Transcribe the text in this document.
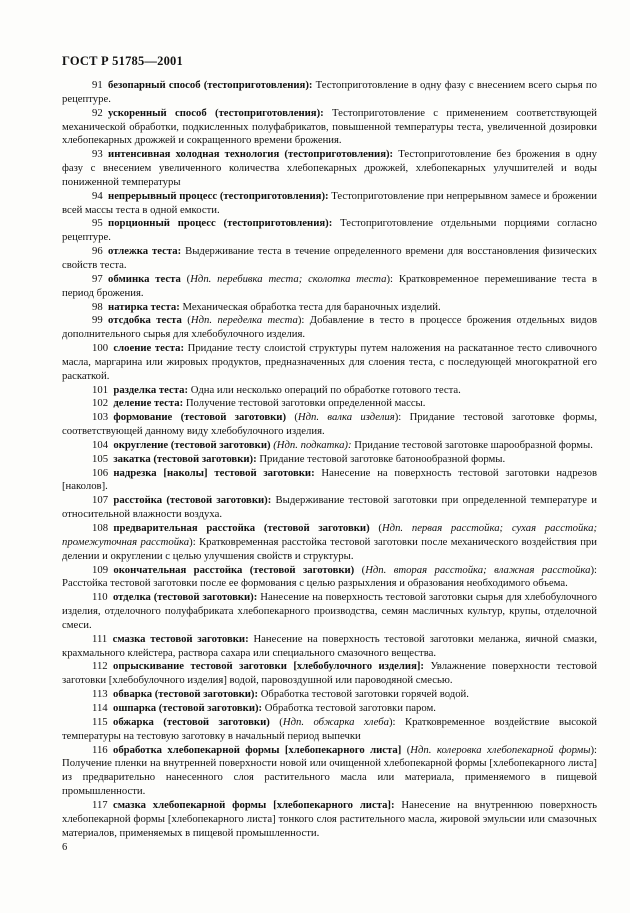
ГОСТ Р 51785—2001

91  безопарный способ (тестоприготовления): Тестоприготовление в одну фазу с внесением всего сырья по рецептуре.

92  ускоренный способ (тестоприготовления): Тестоприготовление с применением соответствующей механической обработки, подкисленных полуфабрикатов, повышенной температуры теста, увеличенной дозировки хлебопекарных дрожжей и сокращенного времени брожения.

93  интенсивная холодная технология (тестоприготовления): Тестоприготовление без брожения в одну фазу с внесением увеличенного количества хлебопекарных дрожжей, хлебопекарных улучшителей и воды пониженной температуры

94  непрерывный процесс (тестоприготовления): Тестоприготовление при непрерывном замесе и брожении всей массы теста в одной емкости.

95  порционный процесс (тестоприготовления): Тестоприготовление отдельными порциями согласно рецептуре.

96  отлежка теста: Выдерживание теста в течение определенного времени для восстановления физических свойств теста.

97  обминка теста (Ндп. перебивка теста; сколотка теста): Кратковременное перемешивание теста в период брожения.

98  натирка теста: Механическая обработка теста для бараночных изделий.

99  отсдобка теста (Ндп. переделка теста): Добавление в тесто в процессе брожения отдельных видов дополнительного сырья для хлебобулочного изделия.

100  слоение теста: Придание тесту слоистой структуры путем наложения на раскатанное тесто сливочного масла, маргарина или жировых продуктов, предназначенных для слоения теста, с последующей многократной его раскаткой.

101  разделка теста: Одна или несколько операций по обработке готового теста.

102  деление теста: Получение тестовой заготовки определенной массы.

103  формование (тестовой заготовки) (Ндп. валка изделия): Придание тестовой заготовке формы, соответствующей данному виду хлебобулочного изделия.

104  округление (тестовой заготовки) (Ндп. подкатка): Придание тестовой заготовке шарообразной формы.

105  закатка (тестовой заготовки): Придание тестовой заготовке батонообразной формы.

106  надрезка [наколы] тестовой заготовки: Нанесение на поверхность тестовой заготовки надрезов [наколов].

107  расстойка (тестовой заготовки): Выдерживание тестовой заготовки при определенной температуре и относительной влажности воздуха.

108  предварительная расстойка (тестовой заготовки) (Ндп. первая расстойка; сухая расстойка; промежуточная расстойка): Кратковременная расстойка тестовой заготовки после механического воздействия при делении и округлении с целью улучшения свойств и структуры.

109  окончательная расстойка (тестовой заготовки) (Ндп. вторая расстойка; влажная расстойка): Расстойка тестовой заготовки после ее формования с целью разрыхления и образования необходимого объема.

110  отделка (тестовой заготовки): Нанесение на поверхность тестовой заготовки сырья для хлебобулочного изделия, отделочного полуфабриката хлебопекарного производства, семян масличных культур, крупы, отделочной смеси.

111  смазка тестовой заготовки: Нанесение на поверхность тестовой заготовки меланжа, яичной смазки, крахмального клейстера, раствора сахара или специального смазочного вещества.

112  опрыскивание тестовой заготовки [хлебобулочного изделия]: Увлажнение поверхности тестовой заготовки [хлебобулочного изделия] водой, паровоздушной или пароводяной смесью.

113  обварка (тестовой заготовки): Обработка тестовой заготовки горячей водой.

114  ошпарка (тестовой заготовки): Обработка тестовой заготовки паром.

115  обжарка (тестовой заготовки) (Ндп. обжарка хлеба): Кратковременное воздействие высокой температуры на тестовую заготовку в начальный период выпечки

116  обработка хлебопекарной формы [хлебопекарного листа] (Ндп. колеровка хлебопекарной формы): Получение пленки на внутренней поверхности новой или очищенной хлебопекарной формы [хлебопекарного листа] из предварительно нанесенного слоя растительного масла или материала, применяемого в пищевой промышленности.

117  смазка хлебопекарной формы [хлебопекарного листа]: Нанесение на внутреннюю поверхность хлебопекарной формы [хлебопекарного листа] тонкого слоя растительного масла, жировой эмульсии или смазочных материалов, применяемых в пищевой промышленности.

6
